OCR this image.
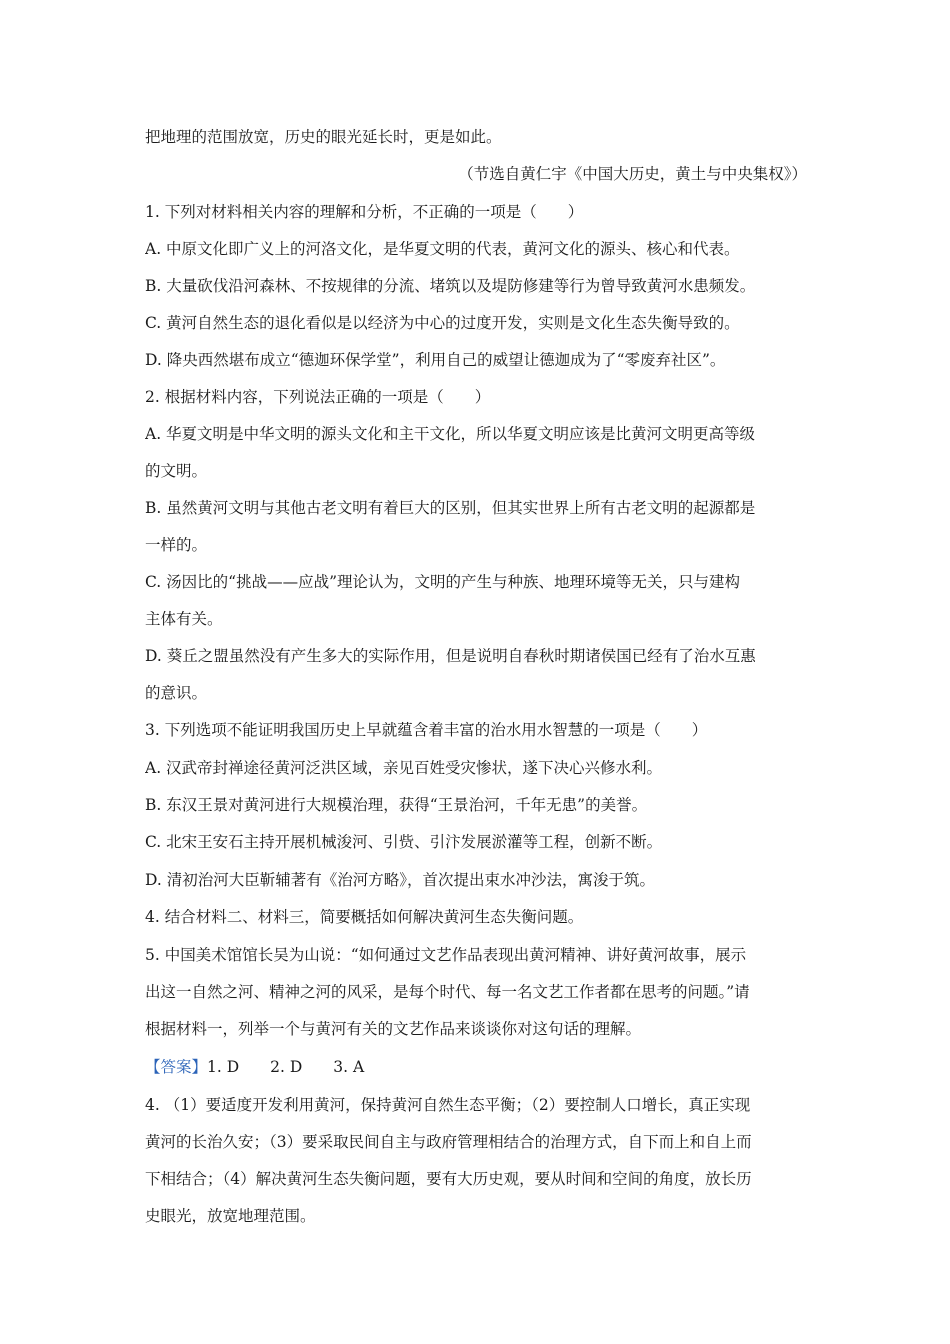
把地理的范围放宽，历史的眼光延长时，更是如此。
（节选自黄仁宇《中国大历史，黄土与中央集权》）
1. 下列对材料相关内容的理解和分析，不正确的一项是（　　）
A. 中原文化即广义上的河洛文化，是华夏文明的代表，黄河文化的源头、核心和代表。
B. 大量砍伐沿河森林、不按规律的分流、堵筑以及堤防修建等行为曾导致黄河水患频发。
C. 黄河自然生态的退化看似是以经济为中心的过度开发，实则是文化生态失衡导致的。
D. 降央西然堪布成立“德迦环保学堂”，利用自己的威望让德迦成为了“零废弃社区”。
2. 根据材料内容，下列说法正确的一项是（　　）
A. 华夏文明是中华文明的源头文化和主干文化，所以华夏文明应该是比黄河文明更高等级
的文明。
B. 虽然黄河文明与其他古老文明有着巨大的区别，但其实世界上所有古老文明的起源都是
一样的。
C. 汤因比的“挑战——应战”理论认为，文明的产生与种族、地理环境等无关，只与建构
主体有关。
D. 葵丘之盟虽然没有产生多大的实际作用，但是说明自春秋时期诸侯国已经有了治水互惠
的意识。
3. 下列选项不能证明我国历史上早就蕴含着丰富的治水用水智慧的一项是（　　）
A. 汉武帝封禅途径黄河泛洪区域，亲见百姓受灾惨状，遂下决心兴修水利。
B. 东汉王景对黄河进行大规模治理，获得“王景治河，千年无患”的美誉。
C. 北宋王安石主持开展机械浚河、引赀、引汴发展淤灌等工程，创新不断。
D. 清初治河大臣靳辅著有《治河方略》，首次提出束水冲沙法，寓浚于筑。
4. 结合材料二、材料三，简要概括如何解决黄河生态失衡问题。
5. 中国美术馆馆长吴为山说：“如何通过文艺作品表现出黄河精神、讲好黄河故事，展示
出这一自然之河、精神之河的风采，是每个时代、每一名文艺工作者都在思考的问题。”请
根据材料一，列举一个与黄河有关的文艺作品来谈谈你对这句话的理解。
【答案】1. D　　2. D　　3. A
4. （1）要适度开发利用黄河，保持黄河自然生态平衡；（2）要控制人口增长，真正实现
黄河的长治久安；（3）要采取民间自主与政府管理相结合的治理方式，自下而上和自上而
下相结合；（4）解决黄河生态失衡问题，要有大历史观，要从时间和空间的角度，放长历
史眼光，放宽地理范围。
